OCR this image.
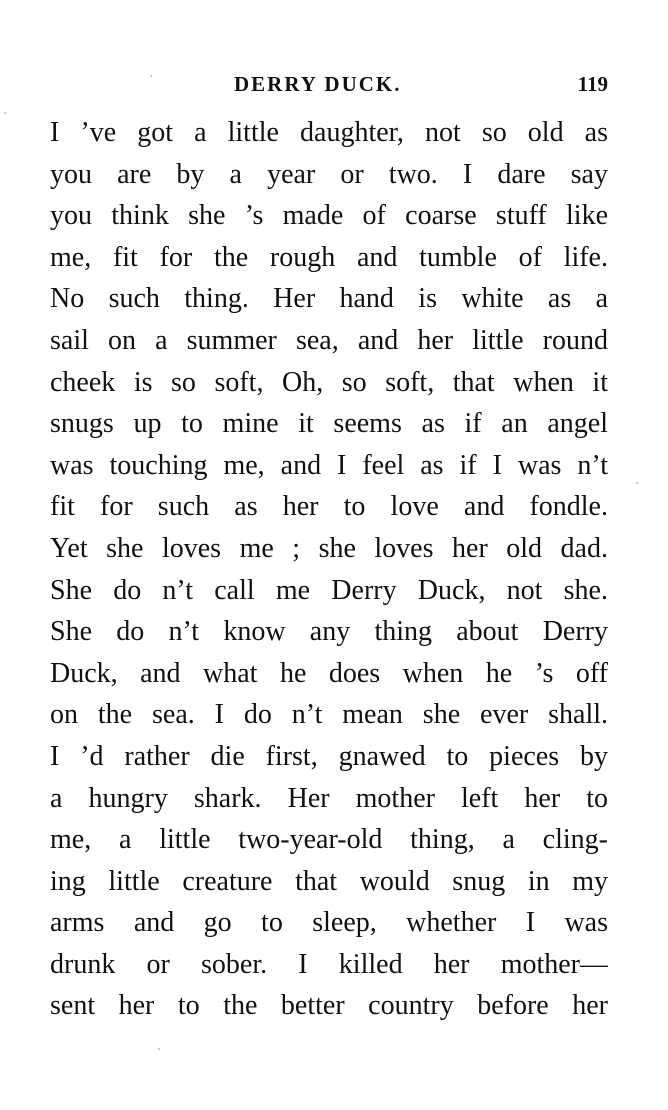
DERRY DUCK.	119
I ’ve got a little daughter, not so old as
you are by a year or two. I dare say
you think she ’s made of coarse stuff like
me, fit for the rough and tumble of life.
No such thing. Her hand is white as a
sail on a summer sea, and her little round
cheek is so soft, Oh, so soft, that when it
snugs up to mine it seems as if an angel
was touching me, and I feel as if I was n’t
fit for such as her to love and fondle.
Yet she loves me ; she loves her old dad.
She do n’t call me Derry Duck, not she.
She do n’t know any thing about Derry
Duck, and what he does when he ’s off
on the sea. I do n’t mean she ever shall.
I ’d rather die first, gnawed to pieces by
a hungry shark. Her mother left her to
me, a little two-year-old thing, a cling-
ing little creature that would snug in my
arms and go to sleep, whether I was
drunk or sober. I killed her mother—
sent her to the better country before her
